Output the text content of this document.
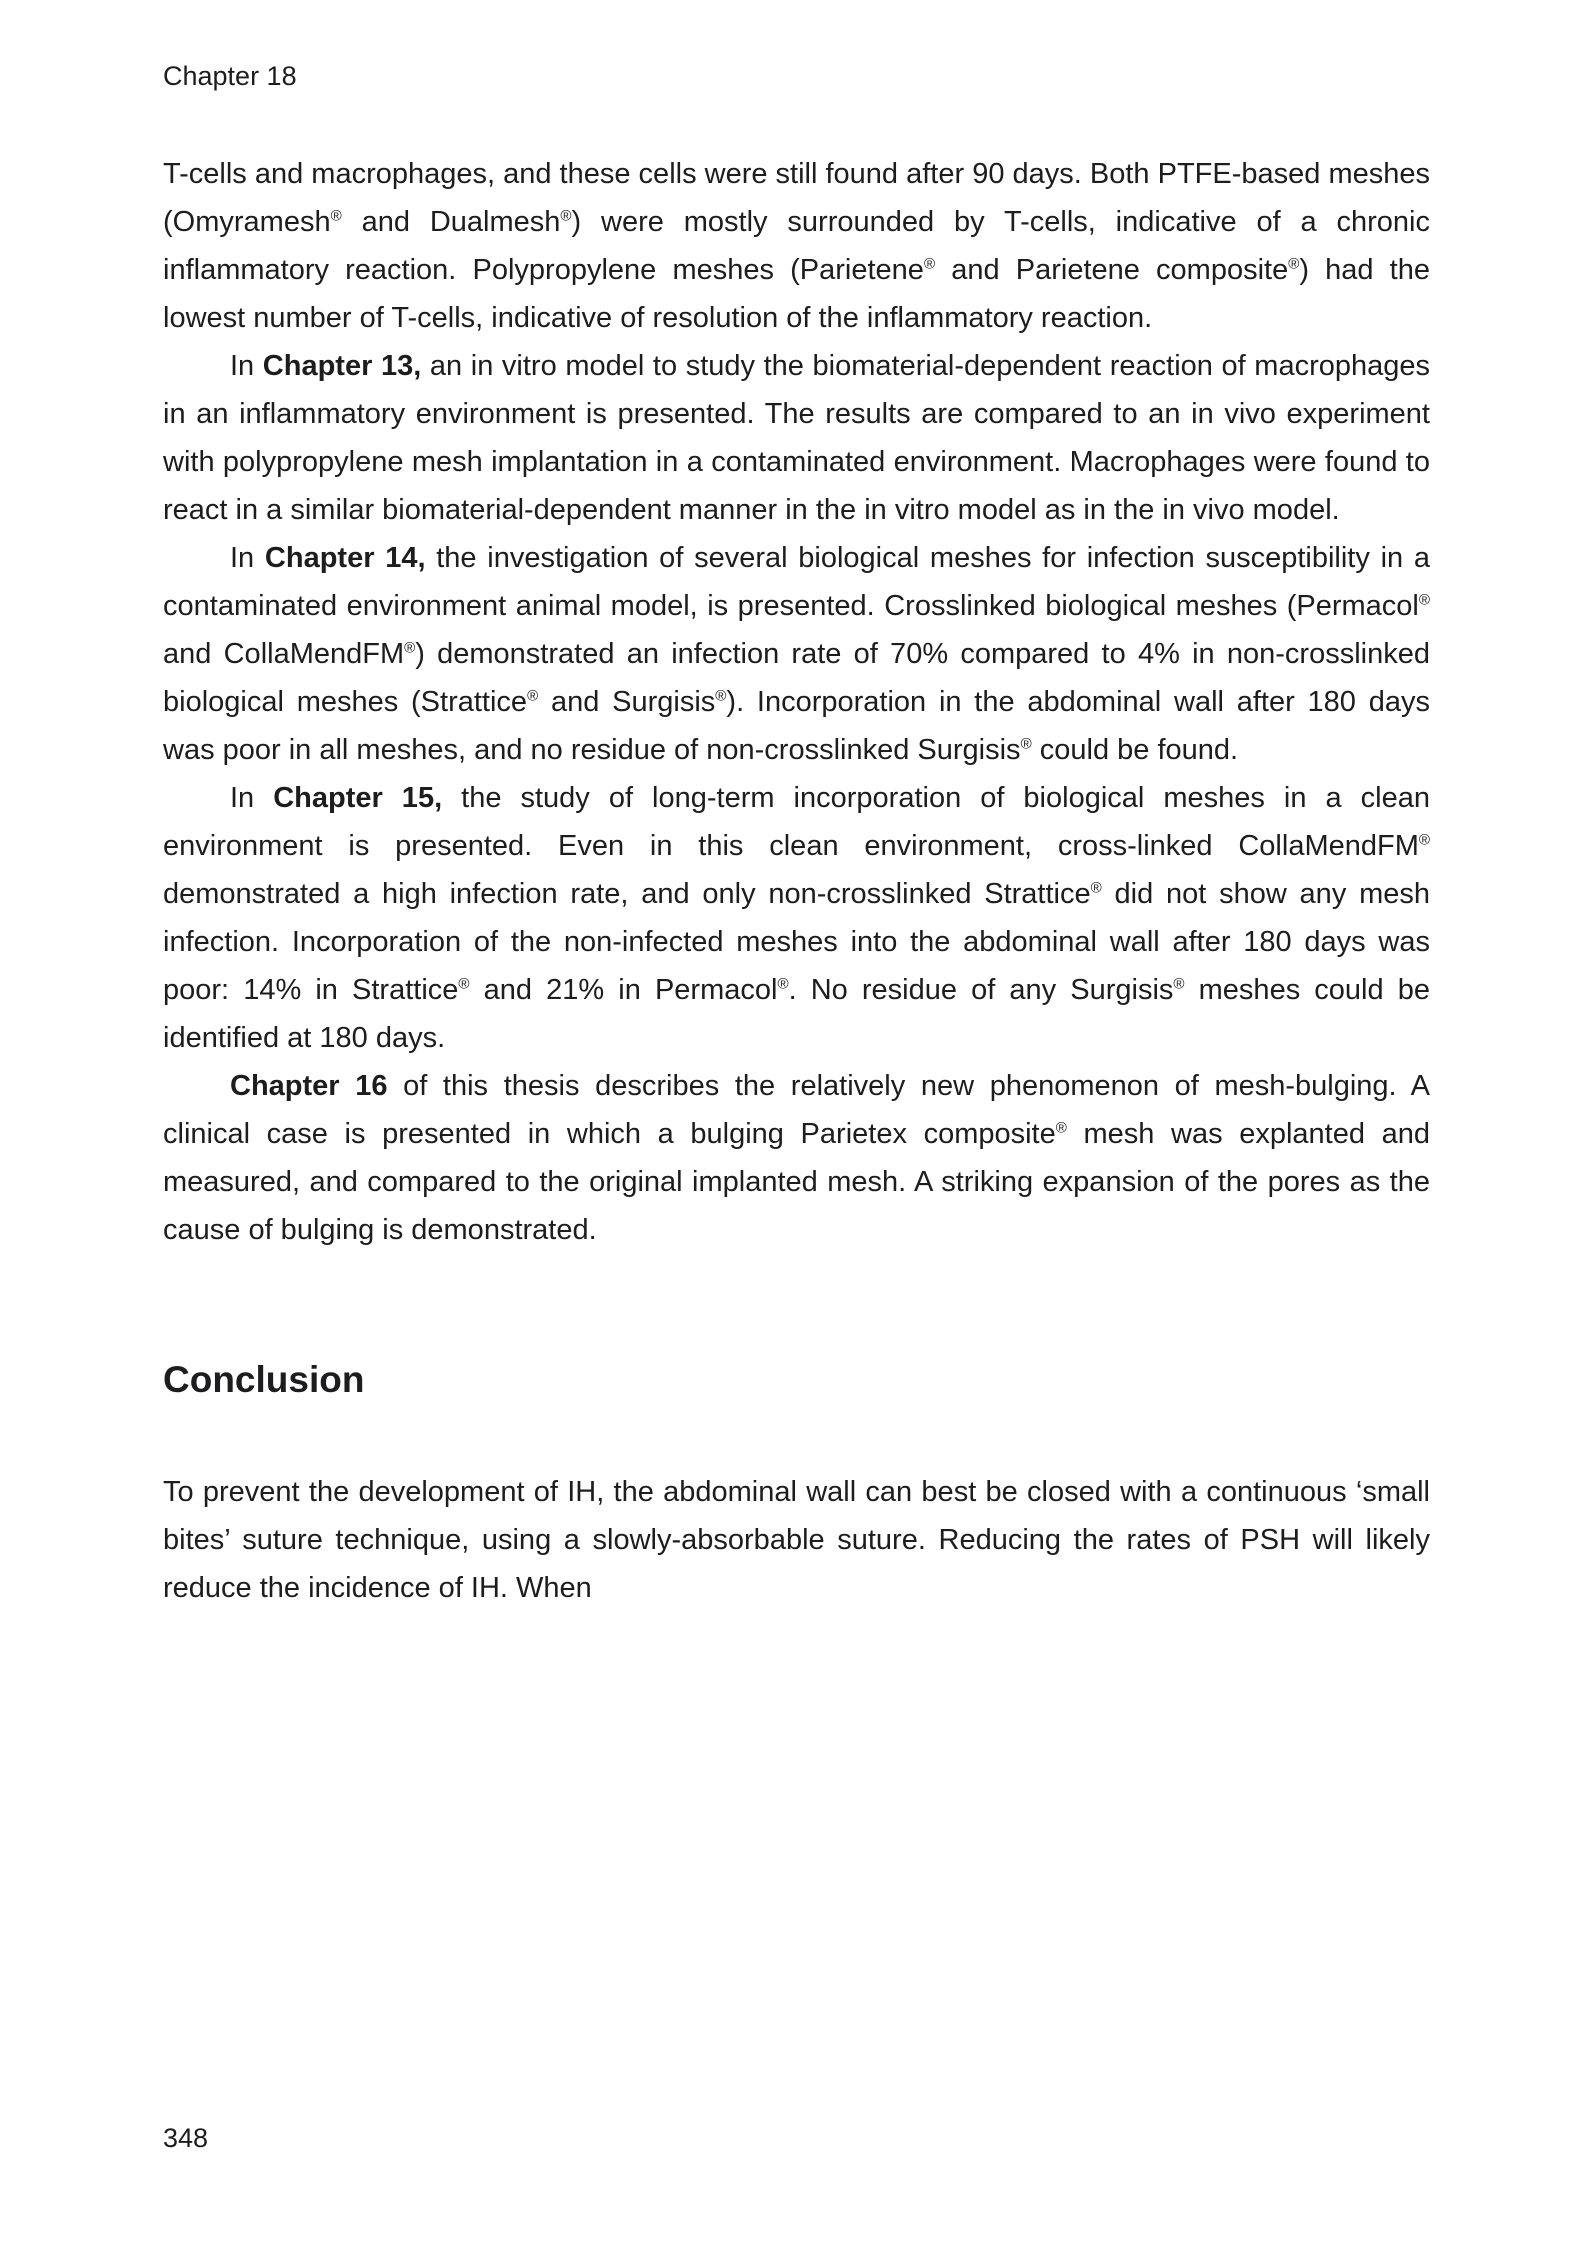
Chapter 18

T-cells and macrophages, and these cells were still found after 90 days. Both PTFE-based meshes (Omyramesh® and Dualmesh®) were mostly surrounded by T-cells, indicative of a chronic inflammatory reaction. Polypropylene meshes (Parietene® and Parietene composite®) had the lowest number of T-cells, indicative of resolution of the inflammatory reaction.

In Chapter 13, an in vitro model to study the biomaterial-dependent reaction of macrophages in an inflammatory environment is presented. The results are compared to an in vivo experiment with polypropylene mesh implantation in a contaminated environment. Macrophages were found to react in a similar biomaterial-dependent manner in the in vitro model as in the in vivo model.

In Chapter 14, the investigation of several biological meshes for infection susceptibility in a contaminated environment animal model, is presented. Crosslinked biological meshes (Permacol® and CollaMendFM®) demonstrated an infection rate of 70% compared to 4% in non-crosslinked biological meshes (Strattice® and Surgisis®). Incorporation in the abdominal wall after 180 days was poor in all meshes, and no residue of non-crosslinked Surgisis® could be found.

In Chapter 15, the study of long-term incorporation of biological meshes in a clean environment is presented. Even in this clean environment, cross-linked CollaMendFM® demonstrated a high infection rate, and only non-crosslinked Strattice® did not show any mesh infection. Incorporation of the non-infected meshes into the abdominal wall after 180 days was poor: 14% in Strattice® and 21% in Permacol®. No residue of any Surgisis® meshes could be identified at 180 days.

Chapter 16 of this thesis describes the relatively new phenomenon of mesh-bulging. A clinical case is presented in which a bulging Parietex composite® mesh was explanted and measured, and compared to the original implanted mesh. A striking expansion of the pores as the cause of bulging is demonstrated.

Conclusion

To prevent the development of IH, the abdominal wall can best be closed with a continuous ‘small bites’ suture technique, using a slowly-absorbable suture. Reducing the rates of PSH will likely reduce the incidence of IH. When

348
